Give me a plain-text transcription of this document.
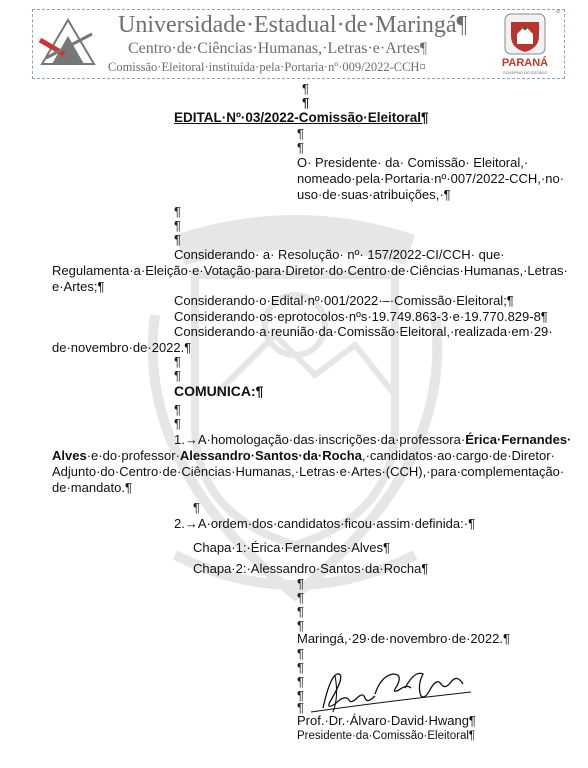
Universidade·Estadual·de·Maringá¶
Centro·de·Ciências·Humanas,·Letras·e·Artes¶
Comissão·Eleitoral·instituída·pela·Portaria·nº·009/2022-CCH¤	PARANÁ
GOVERNO DO ESTADO
¤
¶
¶
EDITAL·Nº·03/2022-Comissão·Eleitoral¶
¶
¶
O· Presidente· da· Comissão· Eleitoral,·
nomeado·pela·Portaria·nº·007/2022-CCH,·no·
uso·de·suas·atribuições,·¶
¶
¶
¶
Considerando· a· Resolução· nº· 157/2022-CI/CCH· que·
Regulamenta·a·Eleição·e·Votação·para·Diretor·do·Centro·de·Ciências·Humanas,·Letras·
e·Artes;¶
Considerando·o·Edital·nº·001/2022·–·Comissão·Eleitoral;¶
Considerando·os·eprotocolos·nºs·19.749.863-3·e·19.770.829-8¶
Considerando·a·reunião·da·Comissão·Eleitoral,·realizada·em·29·
de·novembro·de·2022.¶
¶
¶
COMUNICA:¶
¶
¶
1.→A·homologação·das·inscrições·da·professora·Érica·Fernandes·
Alves·e·do·professor·Alessandro·Santos·da·Rocha,·candidatos·ao·cargo·de·Diretor·
Adjunto·do·Centro·de·Ciências·Humanas,·Letras·e·Artes·(CCH),·para·complementação·
de·mandato.¶
¶
2.→A·ordem·dos·candidatos·ficou·assim·definida:·¶
Chapa·1:·Érica·Fernandes·Alves¶
Chapa·2:·Alessandro·Santos·da·Rocha¶
¶
¶
¶
¶
Maringá,·29·de·novembro·de·2022.¶
¶
¶
¶
¶
¶
Prof.·Dr.·Álvaro·David·Hwang¶
Presidente·da·Comissão·Eleitoral¶
